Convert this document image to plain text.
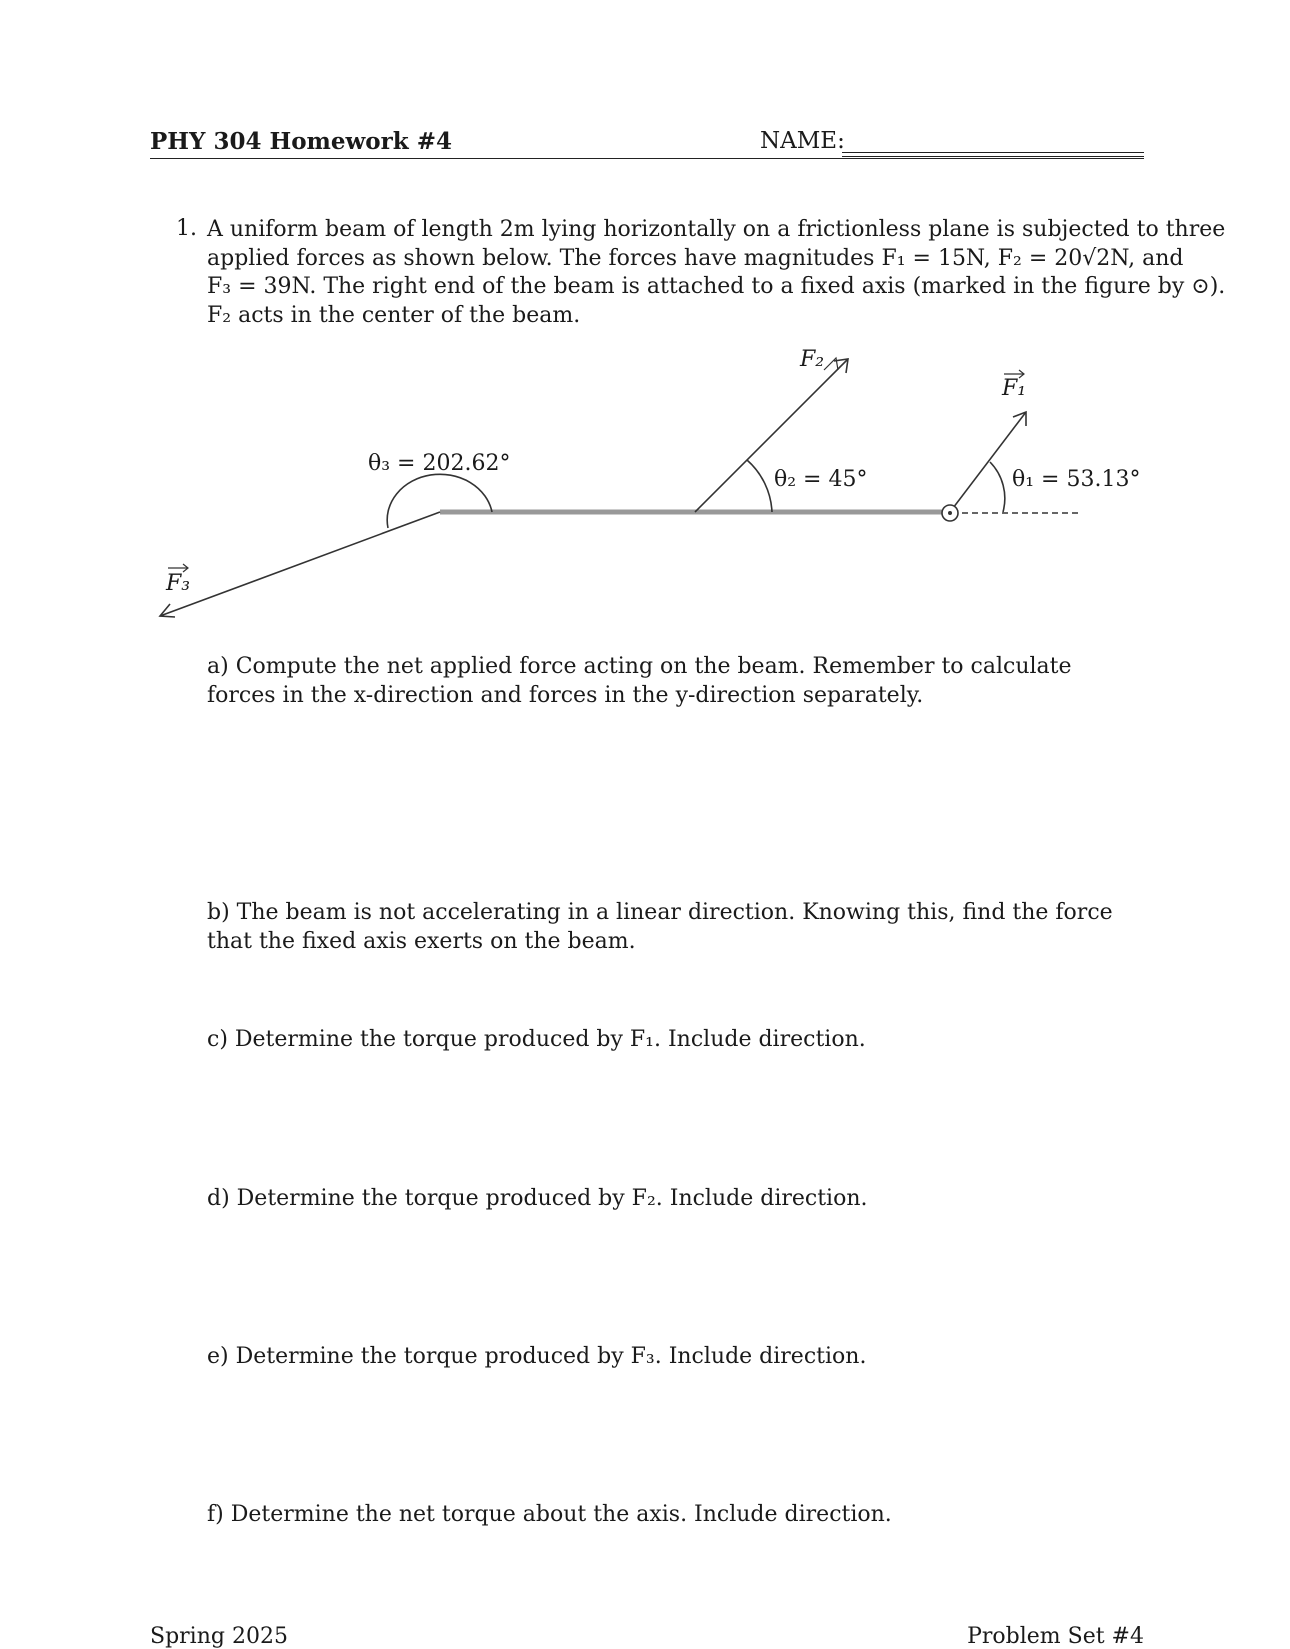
PHY 304 Homework #4	NAME:
1. A uniform beam of length 2m lying horizontally on a frictionless plane is subjected to three
applied forces as shown below. The forces have magnitudes F₁ = 15N, F₂ = 20√2N, and
F₃ = 39N. The right end of the beam is attached to a fixed axis (marked in the figure by ⊙).
F₂ acts in the center of the beam.
θ₃ = 202.62°
θ₂ = 45°	θ₁ = 53.13°
F₂
F₁
F₃
a) Compute the net applied force acting on the beam. Remember to calculate forces in the x-direction and forces in the y-direction separately.
b) The beam is not accelerating in a linear direction. Knowing this, find the force that the fixed axis exerts on the beam.
c) Determine the torque produced by F₁. Include direction.
d) Determine the torque produced by F₂. Include direction.
e) Determine the torque produced by F₃. Include direction.
f) Determine the net torque about the axis. Include direction.
Spring 2025	Problem Set #4
